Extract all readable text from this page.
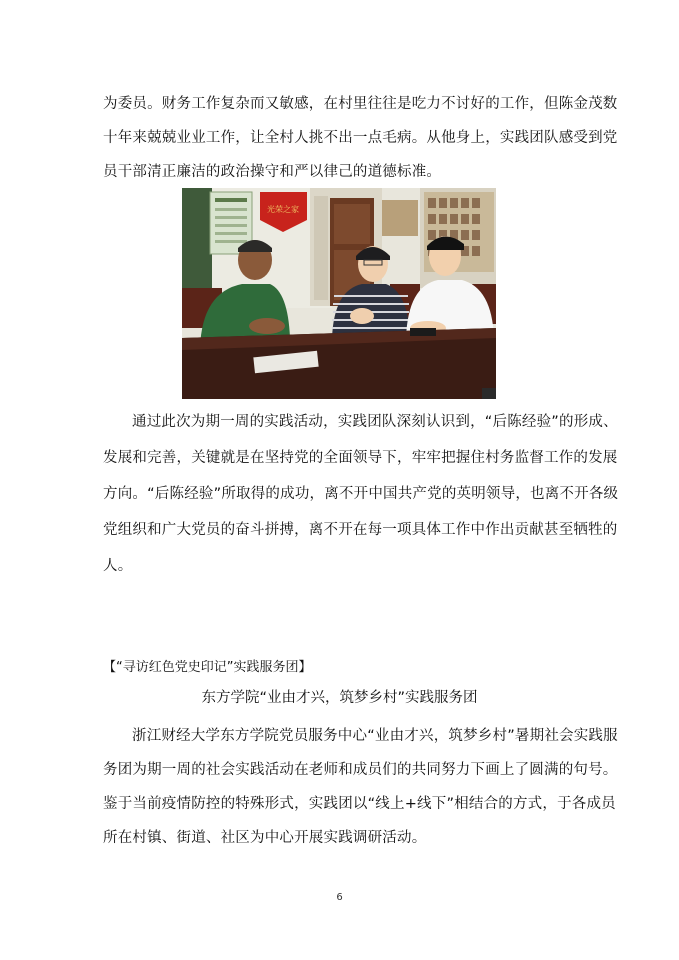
为委员。财务工作复杂而又敏感，在村里往往是吃力不讨好的工作，但陈金茂数
十年来兢兢业业工作，让全村人挑不出一点毛病。从他身上，实践团队感受到党
员干部清正廉洁的政治操守和严以律己的道德标准。
光荣之家
通过此次为期一周的实践活动，实践团队深刻认识到，“后陈经验”的形成、
发展和完善，关键就是在坚持党的全面领导下，牢牢把握住村务监督工作的发展
方向。“后陈经验”所取得的成功，离不开中国共产党的英明领导，也离不开各级
党组织和广大党员的奋斗拼搏，离不开在每一项具体工作中作出贡献甚至牺牲的
人。
【“寻访红色党史印记”实践服务团】
东方学院“业由才兴，筑梦乡村”实践服务团
浙江财经大学东方学院党员服务中心“业由才兴，筑梦乡村”暑期社会实践服
务团为期一周的社会实践活动在老师和成员们的共同努力下画上了圆满的句号。
鉴于当前疫情防控的特殊形式，实践团以“线上+线下”相结合的方式，于各成员
所在村镇、街道、社区为中心开展实践调研活动。
6
